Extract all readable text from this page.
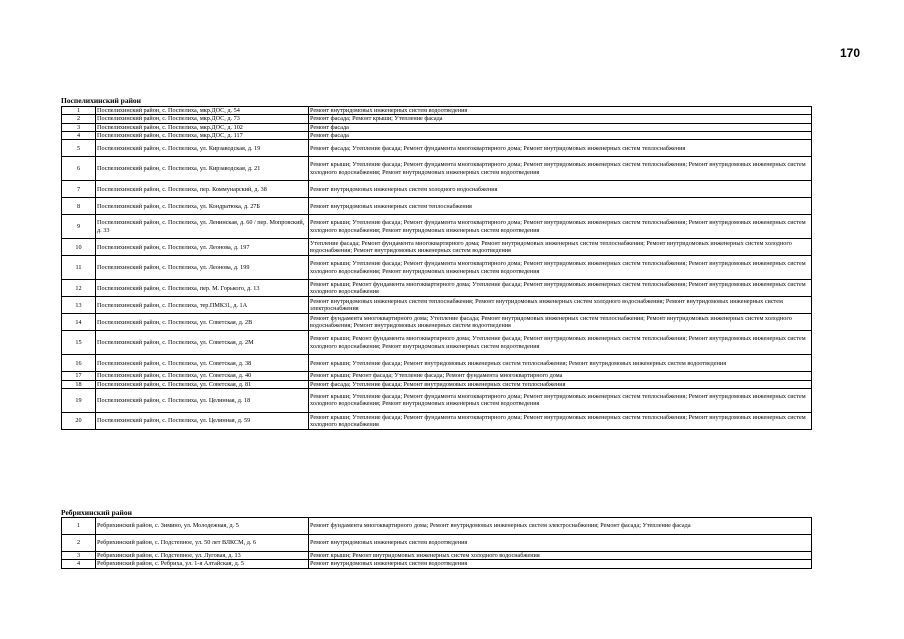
170
Поспелихинский район
1	Поспелихинский район, с. Поспелиха, мкр.ДОС, д. 54	Ремонт внутридомовых инженерных систем водоотведения
2	Поспелихинский район, с. Поспелиха, мкр.ДОС, д. 73	Ремонт фасада; Ремонт крыши; Утепление фасада
3	Поспелихинский район, с. Поспелиха, мкр.ДОС, д. 102	Ремонт фасада
4	Поспелихинский район, с. Поспелиха, мкр.ДОС, д. 117	Ремонт фасада
5	Поспелихинский район, с. Поспелиха, ул. Кирзаводская, д. 19	Ремонт фасада; Утепление фасада; Ремонт фундамента многоквартирного дома; Ремонт внутридомовых инженерных систем теплоснабжения
6	Поспелихинский район, с. Поспелиха, ул. Кирзаводская, д. 21	Ремонт крыши; Утепление фасада; Ремонт фундамента многоквартирного дома; Ремонт внутридомовых инженерных систем теплоснабжения; Ремонт внутридомовых инженерных систем холодного водоснабжения; Ремонт внутридомовых инженерных систем водоотведения
7	Поспелихинский район, с. Поспелиха, пер. Коммунарский, д. 38	Ремонт внутридомовых инженерных систем холодного водоснабжения
8	Поспелихинский район, с. Поспелиха, ул. Кондратюка, д. 27Б	Ремонт внутридомовых инженерных систем теплоснабжения
9	Поспелихинский район, с. Поспелиха, ул. Ленинская, д. 60 / пер. Мопровский, д. 33	Ремонт крыши; Утепление фасада; Ремонт фундамента многоквартирного дома; Ремонт внутридомовых инженерных систем теплоснабжения; Ремонт внутридомовых инженерных систем холодного водоснабжения; Ремонт внутридомовых инженерных систем водоотведения
10	Поспелихинский район, с. Поспелиха, ул. Леонова, д. 197	Утепление фасада; Ремонт фундамента многоквартирного дома; Ремонт внутридомовых инженерных систем теплоснабжения; Ремонт внутридомовых инженерных систем холодного водоснабжения; Ремонт внутридомовых инженерных систем водоотведения
11	Поспелихинский район, с. Поспелиха, ул. Леонова, д. 199	Ремонт крыши; Утепление фасада; Ремонт фундамента многоквартирного дома; Ремонт внутридомовых инженерных систем теплоснабжения; Ремонт внутридомовых инженерных систем холодного водоснабжения; Ремонт внутридомовых инженерных систем водоотведения
12	Поспелихинский район, с. Поспелиха, пер. М. Горького, д. 13	Ремонт крыши; Ремонт фундамента многоквартирного дома; Утепление фасада; Ремонт внутридомовых инженерных систем теплоснабжения; Ремонт внутридомовых инженерных систем холодного водоснабжения
13	Поспелихинский район, с. Поспелиха, тер.ПМК31, д. 1А	Ремонт внутридомовых инженерных систем теплоснабжения; Ремонт внутридомовых инженерных систем холодного водоснабжения; Ремонт внутридомовых инженерных систем электроснабжения
14	Поспелихинский район, с. Поспелиха, ул. Советская, д. 2В	Ремонт фундамента многоквартирного дома; Утепление фасада; Ремонт внутридомовых инженерных систем теплоснабжения; Ремонт внутридомовых инженерных систем холодного водоснабжения; Ремонт внутридомовых инженерных систем водоотведения
15	Поспелихинский район, с. Поспелиха, ул. Советская, д. 2М	Ремонт крыши; Ремонт фундамента многоквартирного дома; Утепление фасада; Ремонт внутридомовых инженерных систем теплоснабжения; Ремонт внутридомовых инженерных систем холодного водоснабжения; Ремонт внутридомовых инженерных систем водоотведения
16	Поспелихинский район, с. Поспелиха, ул. Советская, д. 38	Ремонт крыши; Утепление фасада; Ремонт внутридомовых инженерных систем теплоснабжения; Ремонт внутридомовых инженерных систем водоотведения
17	Поспелихинский район, с. Поспелиха, ул. Советская, д. 40	Ремонт крыши; Ремонт фасада; Утепление фасада; Ремонт фундамента многоквартирного дома
18	Поспелихинский район, с. Поспелиха, ул. Советская, д. 81	Ремонт фасада; Утепление фасада; Ремонт внутридомовых инженерных систем теплоснабжения
19	Поспелихинский район, с. Поспелиха, ул. Целинная, д. 18	Ремонт крыши; Утепление фасада; Ремонт фундамента многоквартирного дома; Ремонт внутридомовых инженерных систем теплоснабжения; Ремонт внутридомовых инженерных систем холодного водоснабжения; Ремонт внутридомовых инженерных систем водоотведения
20	Поспелихинский район, с. Поспелиха, ул. Целинная, д. 59	Ремонт крыши; Утепление фасада; Ремонт фундамента многоквартирного дома; Ремонт внутридомовых инженерных систем теплоснабжения; Ремонт внутридомовых инженерных систем холодного водоснабжения
Ребрихинский район
1	Ребрихинский район, с. Зимино, ул. Молодежная, д. 5	Ремонт фундамента многоквартирного дома; Ремонт внутридомовых инженерных систем электроснабжения; Ремонт фасада; Утепление фасада
2	Ребрихинский район, с. Подстепное, ул. 50 лет ВЛКСМ, д. 6	Ремонт внутридомовых инженерных систем водоотведения
3	Ребрихинский район, с. Подстепное, ул. Луговая, д. 13	Ремонт крыши; Ремонт внутридомовых инженерных систем холодного водоснабжения
4	Ребрихинский район, с. Ребриха, ул. 1-я Алтайская, д. 5	Ремонт внутридомовых инженерных систем водоотведения
